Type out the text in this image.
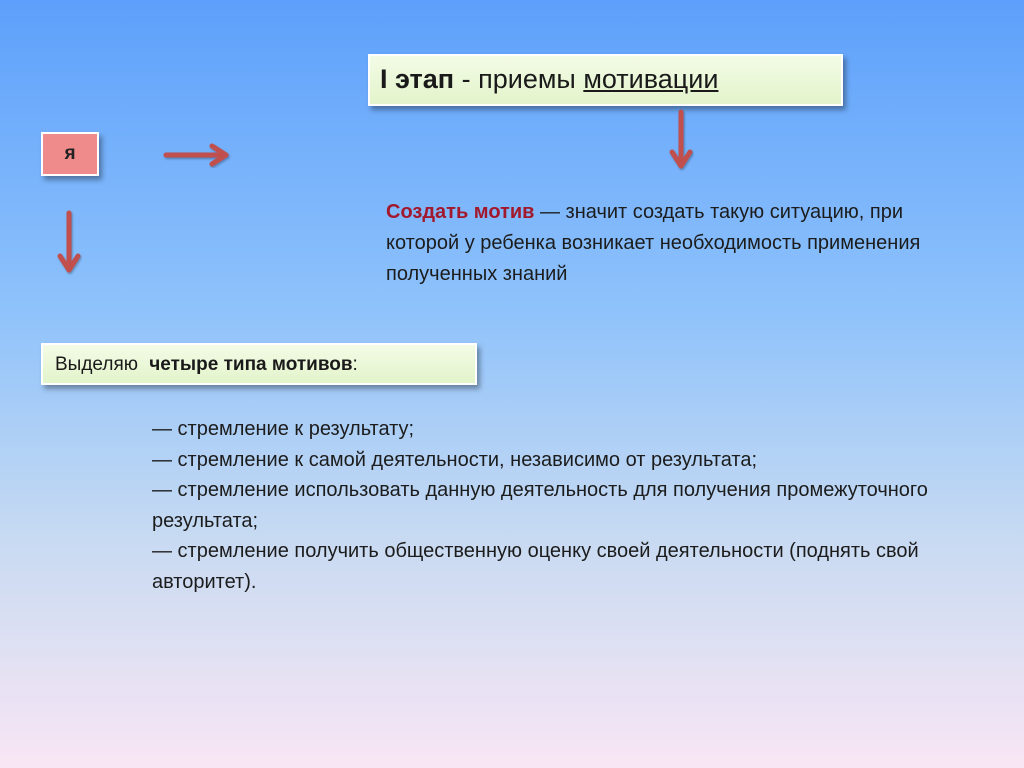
I этап - приемы мотивации
я
Создать мотив — значит создать такую ситуацию, при которой у ребенка возникает необходимость применения полученных знаний
Выделяю четыре типа мотивов:
— стремление к результату;
— стремление к самой деятельности, независимо от результата;
— стремление использовать данную деятельность для получения промежуточного результата;
— стремление получить общественную оценку своей деятельности (поднять свой авторитет).
